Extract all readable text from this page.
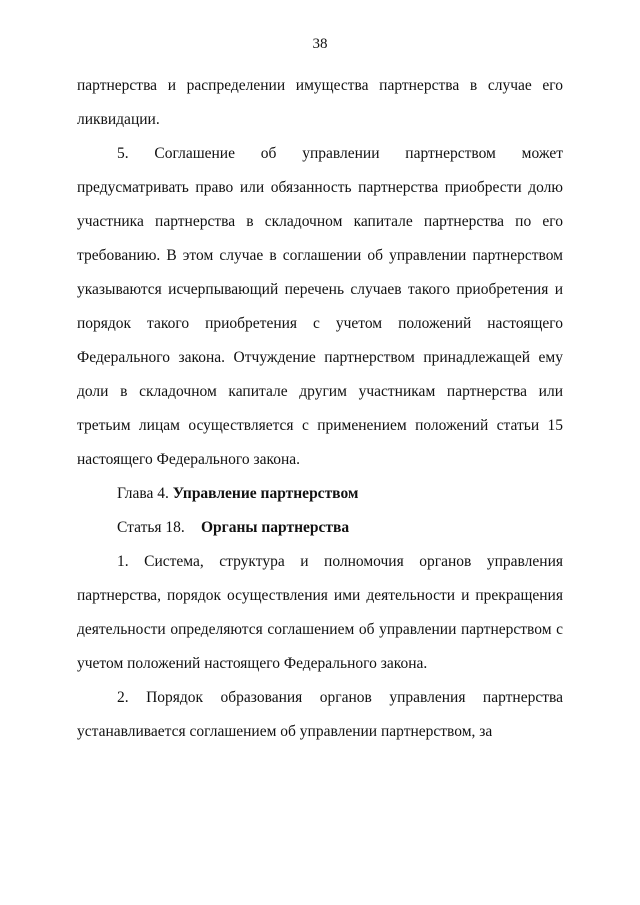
38

партнерства и распределении имущества партнерства в случае его ликвидации.

5. Соглашение об управлении партнерством может предусматривать право или обязанность партнерства приобрести долю участника партнерства в складочном капитале партнерства по его требованию. В этом случае в соглашении об управлении партнерством указываются исчерпывающий перечень случаев такого приобретения и порядок такого приобретения с учетом положений настоящего Федерального закона. Отчуждение партнерством принадлежащей ему доли в складочном капитале другим участникам партнерства или третьим лицам осуществляется с применением положений статьи 15 настоящего Федерального закона.

Глава 4. Управление партнерством

Статья 18. Органы партнерства

1. Система, структура и полномочия органов управления партнерства, порядок осуществления ими деятельности и прекращения деятельности определяются соглашением об управлении партнерством с учетом положений настоящего Федерального закона.

2. Порядок образования органов управления партнерства устанавливается соглашением об управлении партнерством, за
